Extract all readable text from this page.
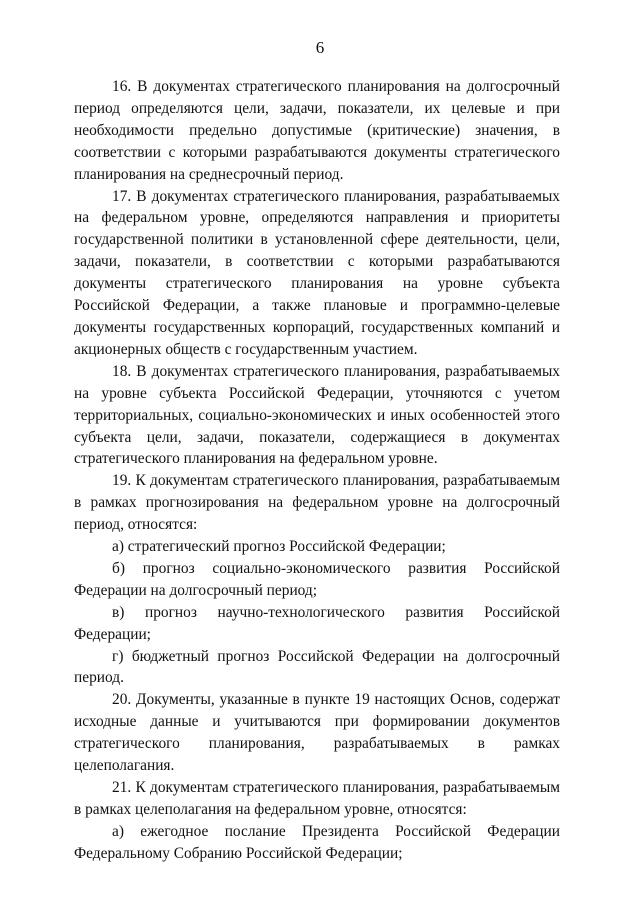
6

16. В документах стратегического планирования на долгосрочный период определяются цели, задачи, показатели, их целевые и при необходимости предельно допустимые (критические) значения, в соответствии с которыми разрабатываются документы стратегического планирования на среднесрочный период.

17. В документах стратегического планирования, разрабатываемых на федеральном уровне, определяются направления и приоритеты государственной политики в установленной сфере деятельности, цели, задачи, показатели, в соответствии с которыми разрабатываются документы стратегического планирования на уровне субъекта Российской Федерации, а также плановые и программно-целевые документы государственных корпораций, государственных компаний и акционерных обществ с государственным участием.

18. В документах стратегического планирования, разрабатываемых на уровне субъекта Российской Федерации, уточняются с учетом территориальных, социально-экономических и иных особенностей этого субъекта цели, задачи, показатели, содержащиеся в документах стратегического планирования на федеральном уровне.

19. К документам стратегического планирования, разрабатываемым в рамках прогнозирования на федеральном уровне на долгосрочный период, относятся:

а) стратегический прогноз Российской Федерации;

б) прогноз социально-экономического развития Российской Федерации на долгосрочный период;

в) прогноз научно-технологического развития Российской Федерации;

г) бюджетный прогноз Российской Федерации на долгосрочный период.

20. Документы, указанные в пункте 19 настоящих Основ, содержат исходные данные и учитываются при формировании документов стратегического планирования, разрабатываемых в рамках целеполагания.

21. К документам стратегического планирования, разрабатываемым в рамках целеполагания на федеральном уровне, относятся:

а) ежегодное послание Президента Российской Федерации Федеральному Собранию Российской Федерации;
